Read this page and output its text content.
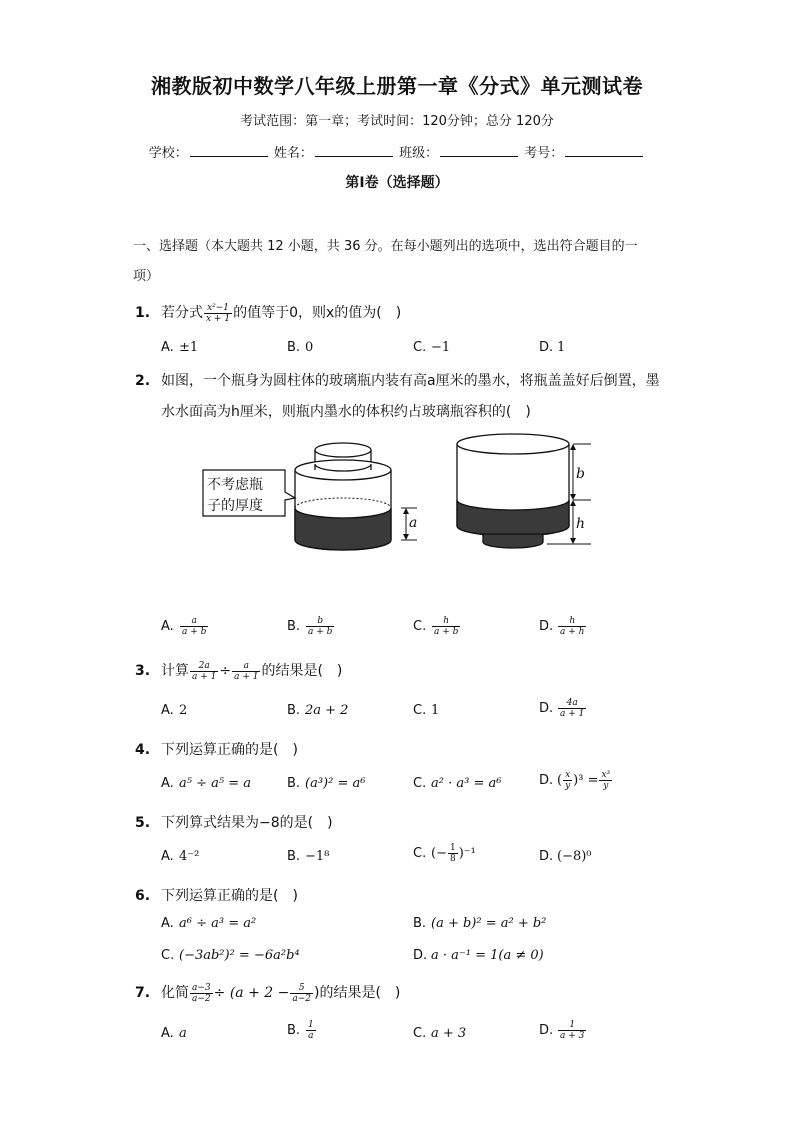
湘教版初中数学八年级上册第一章《分式》单元测试卷
考试范围：第一章；考试时间：120分钟；总分 120分
学校：	姓名：	班级：	考号：
第I卷（选择题）
一、选择题（本大题共 12 小题，共 36 分。在每小题列出的选项中，选出符合题目的一
项）
1. 若分式 $\frac{\text{x²−1}}{x + 1}$ 的值等于0，则x的值为(　)
A. ±1	B. 0	C. −1	D. 1
2. 如图，一个瓶身为圆柱体的玻璃瓶内装有高a厘米的墨水，将瓶盖盖好后倒置，墨
水水面高为h厘米，则瓶内墨水的体积约占玻璃瓶容积的(　)
a
不考虑瓶
子的厚度
b
h
A. $\frac{a}{a + b}$	B. $\frac{b}{a + b}$	C. $\frac{h}{a + b}$	D. $\frac{h}{a + h}$
3. 计算 $\frac{2a}{a + 1} \div \frac{a}{a + 1}$ 的结果是(　)
A. 2	B. 2a + 2	C. 1	D. $\frac{4a}{a + 1}$
4. 下列运算正确的是(　)
A. a⁵ ÷ a⁵ = a	B. (a³)² = a⁶	C. a² · a³ = a⁶	D. ( $\frac{x}{y} )^3 = \frac{\text{x³}}{y}$
5. 下列算式结果为−8的是(　)
A. 4⁻²	B. −1⁸	C. (− $\frac{1}{8} )^{-1}$	D. (−8)⁰
6. 下列运算正确的是(　)
A. a⁶ ÷ a³ = a²	B. (a + b)² = a² + b²
C. (−3ab²)² = −6a²b⁴	D. a · a⁻¹ = 1(a ≠ 0)
7. 化简 $\frac{a-3}{a-2} \div (a + 2 - \frac{5}{a-2}$ )的结果是(　)
A. a	B. $\frac{1}{a}$	C. a + 3	D. $\frac{1}{a + 3}$
